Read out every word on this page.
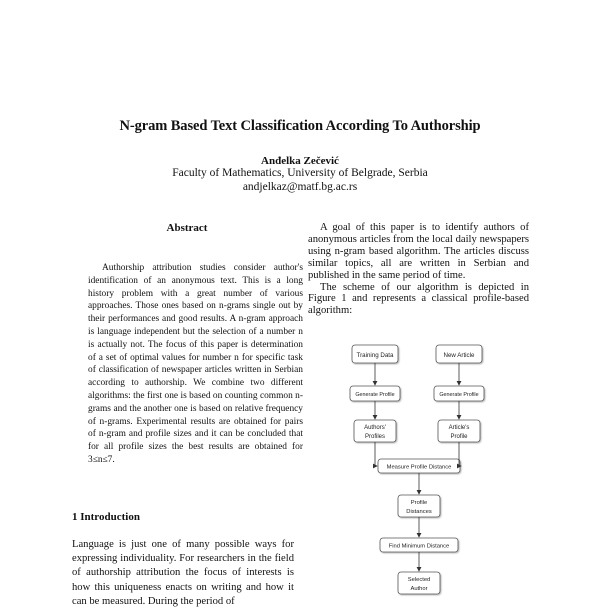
N-gram Based Text Classification According To Authorship
Anđelka Zečević
Faculty of Mathematics, University of Belgrade, Serbia
andjelkaz@matf.bg.ac.rs
Abstract

Authorship attribution studies consider author's identification of an anonymous text. This is a long history problem with a great number of various approaches. Those ones based on n-grams single out by their performances and good results. A n-gram approach is language independent but the selection of a number n is actually not. The focus of this paper is determination of a set of optimal values for number n for specific task of classification of newspaper articles written in Serbian according to authorship. We combine two different algorithms: the first one is based on counting common n-grams and the another one is based on relative frequency of n-grams. Experimental results are obtained for pairs of n-gram and profile sizes and it can be concluded that for all profile sizes the best results are obtained for 3≤n≤7.

1 Introduction

Language is just one of many possible ways for expressing individuality. For researchers in the field of authorship attribution the focus of interests is how this uniqueness enacts on writing and how it can be measured. During the period of

A goal of this paper is to identify authors of anonymous articles from the local daily newspapers using n-gram based algorithm. The articles discuss similar topics, all are written in Serbian and published in the same period of time.

The scheme of our algorithm is depicted in Figure 1 and represents a classical profile-based algorithm:

Training Data	New Article
Generate Profile	Generate Profile
Authors'
Profiles
Article's
Profile
Measure Profile Distance
Profile
Distances
Find Minimum Distance
Selected
Author
